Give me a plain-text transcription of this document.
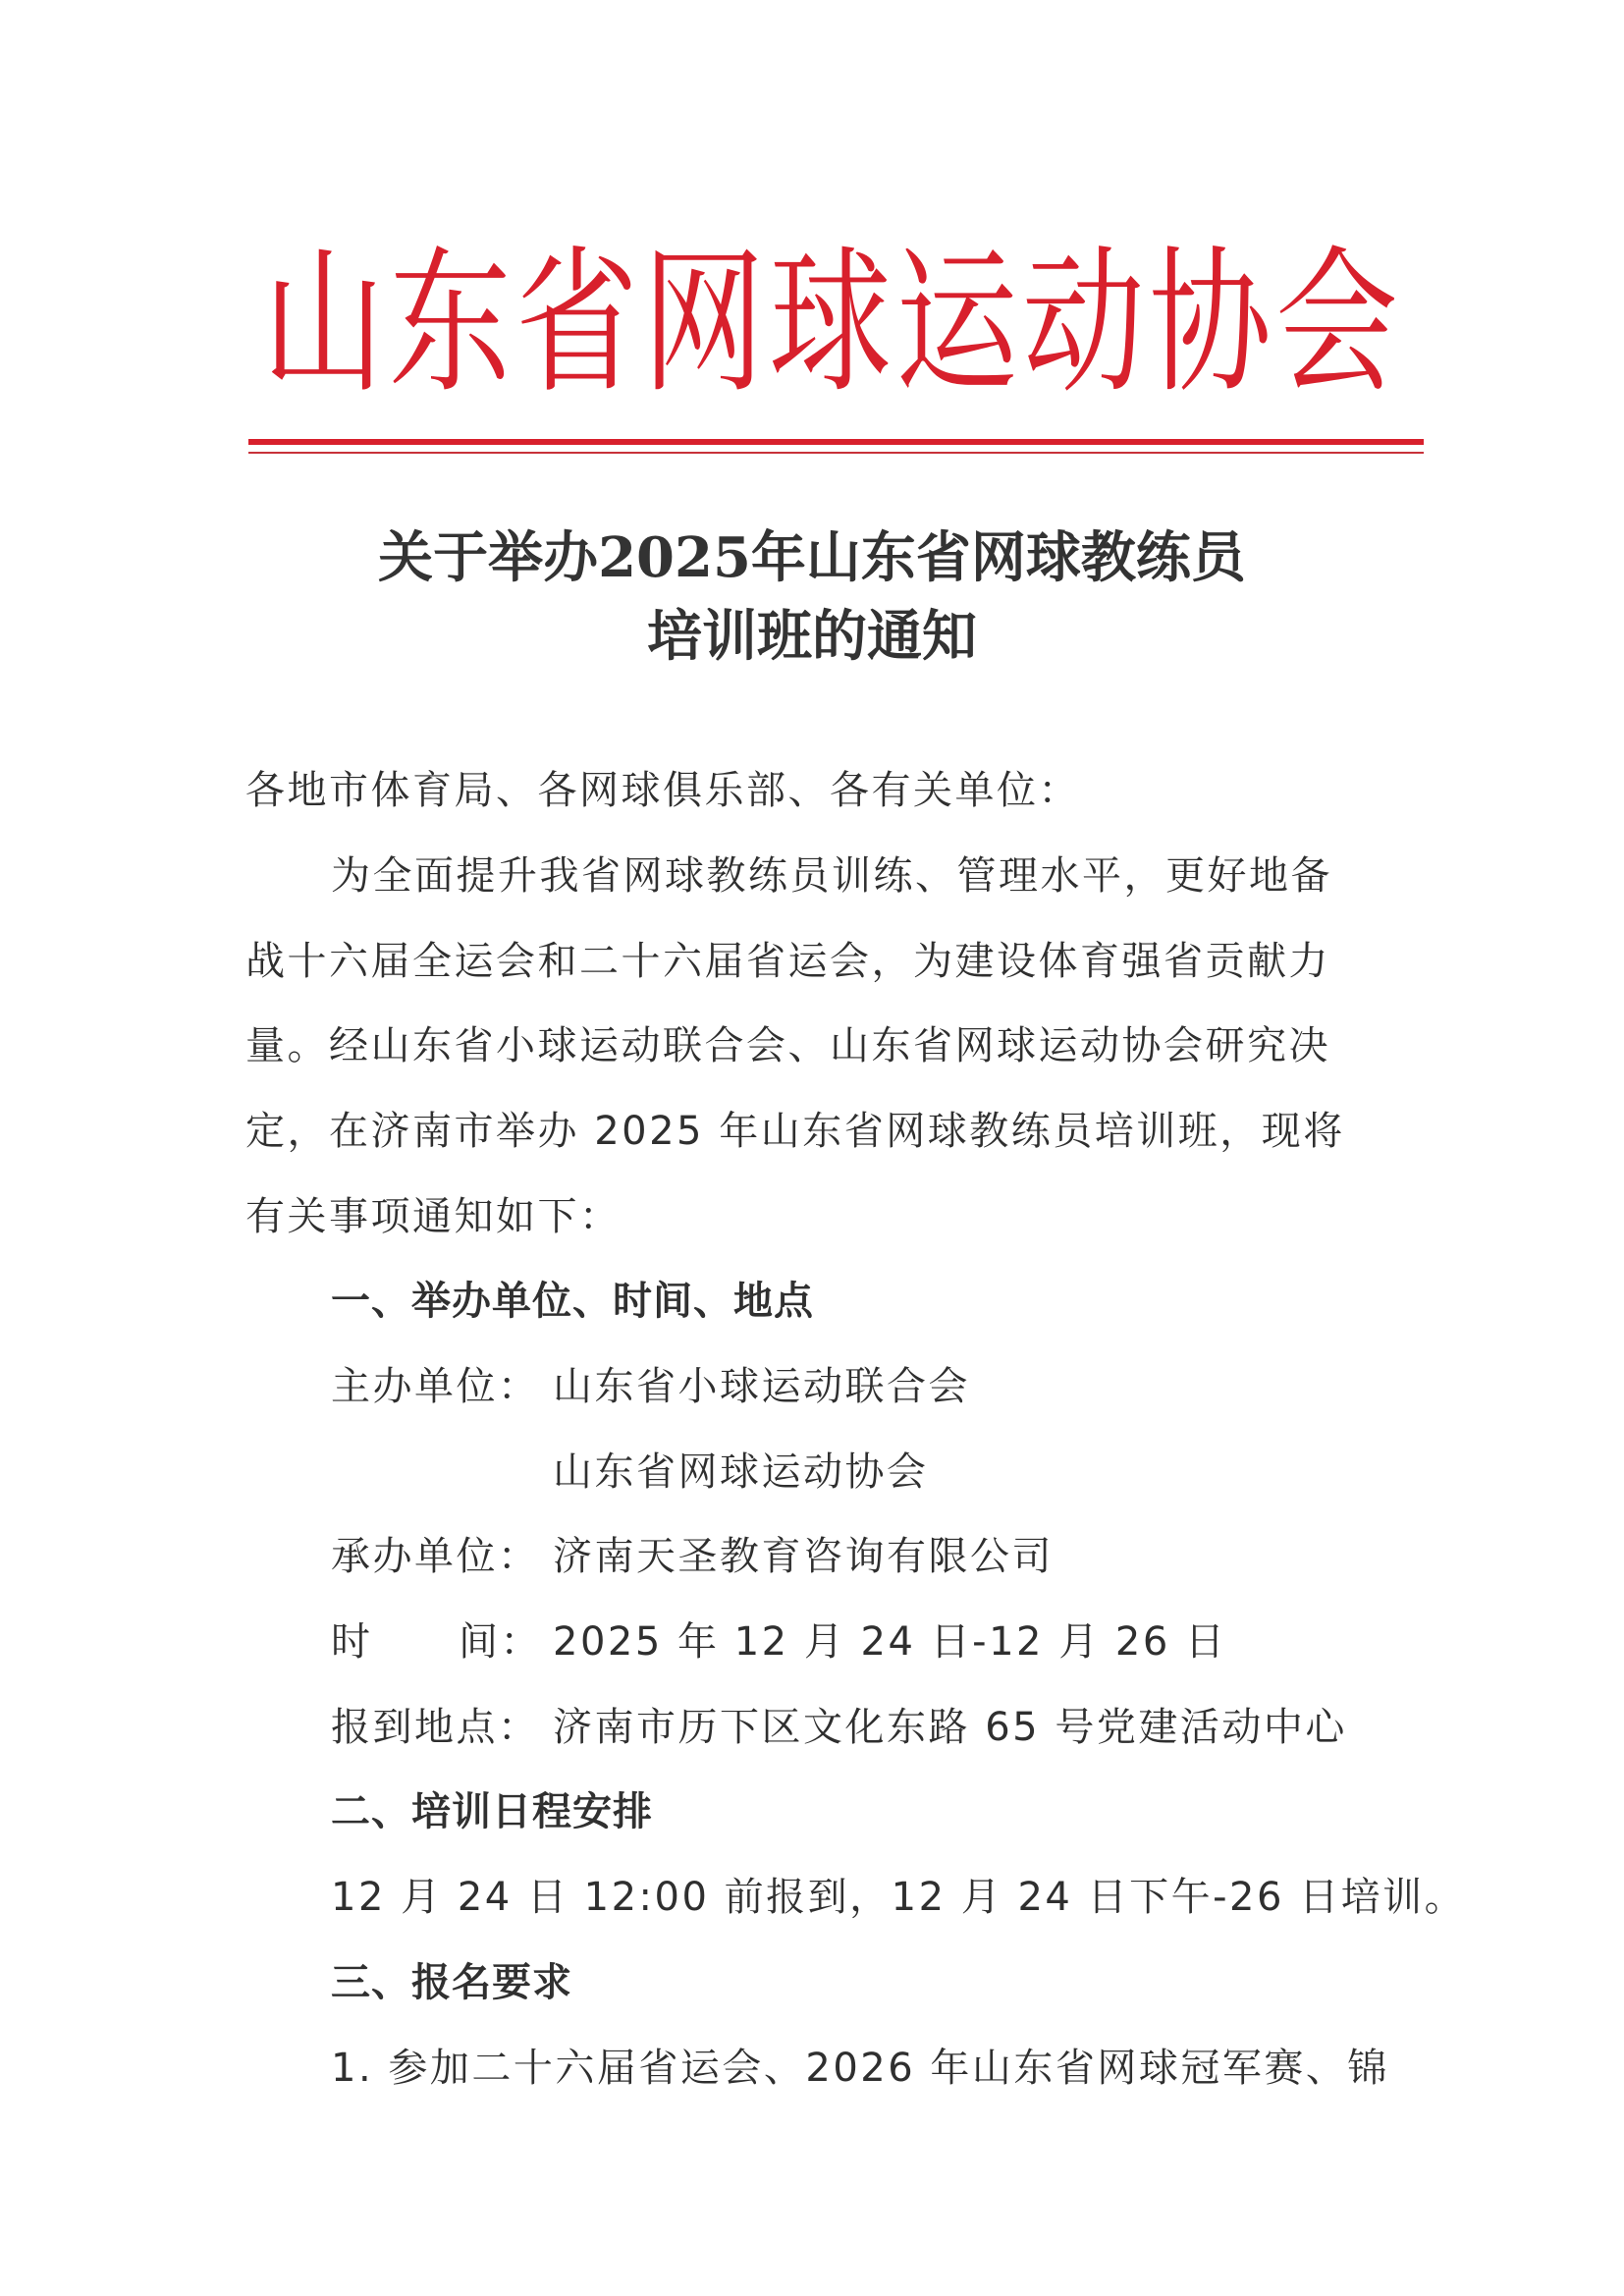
山 东 省 网 球 运 动 协 会
关于举办2025年山东省网球教练员
培训班的通知
各地市体育局、各网球俱乐部、各有关单位：
为全面提升我省网球教练员训练、管理水平，更好地备
战十六届全运会和二十六届省运会，为建设体育强省贡献力
量。经山东省小球运动联合会、山东省网球运动协会研究决
定，在济南市举办 2025 年山东省网球教练员培训班，现将
有关事项通知如下：
一、举办单位、时间、地点
主办单位： 山东省小球运动联合会
山东省网球运动协会
承办单位： 济南天圣教育咨询有限公司
时 间： 2025 年 12 月 24 日-12 月 26 日
报到地点： 济南市历下区文化东路 65 号党建活动中心
二、培训日程安排
12 月 24 日 12:00 前报到，12 月 24 日下午-26 日培训。
三、报名要求
1. 参加二十六届省运会、2026 年山东省网球冠军赛、锦
